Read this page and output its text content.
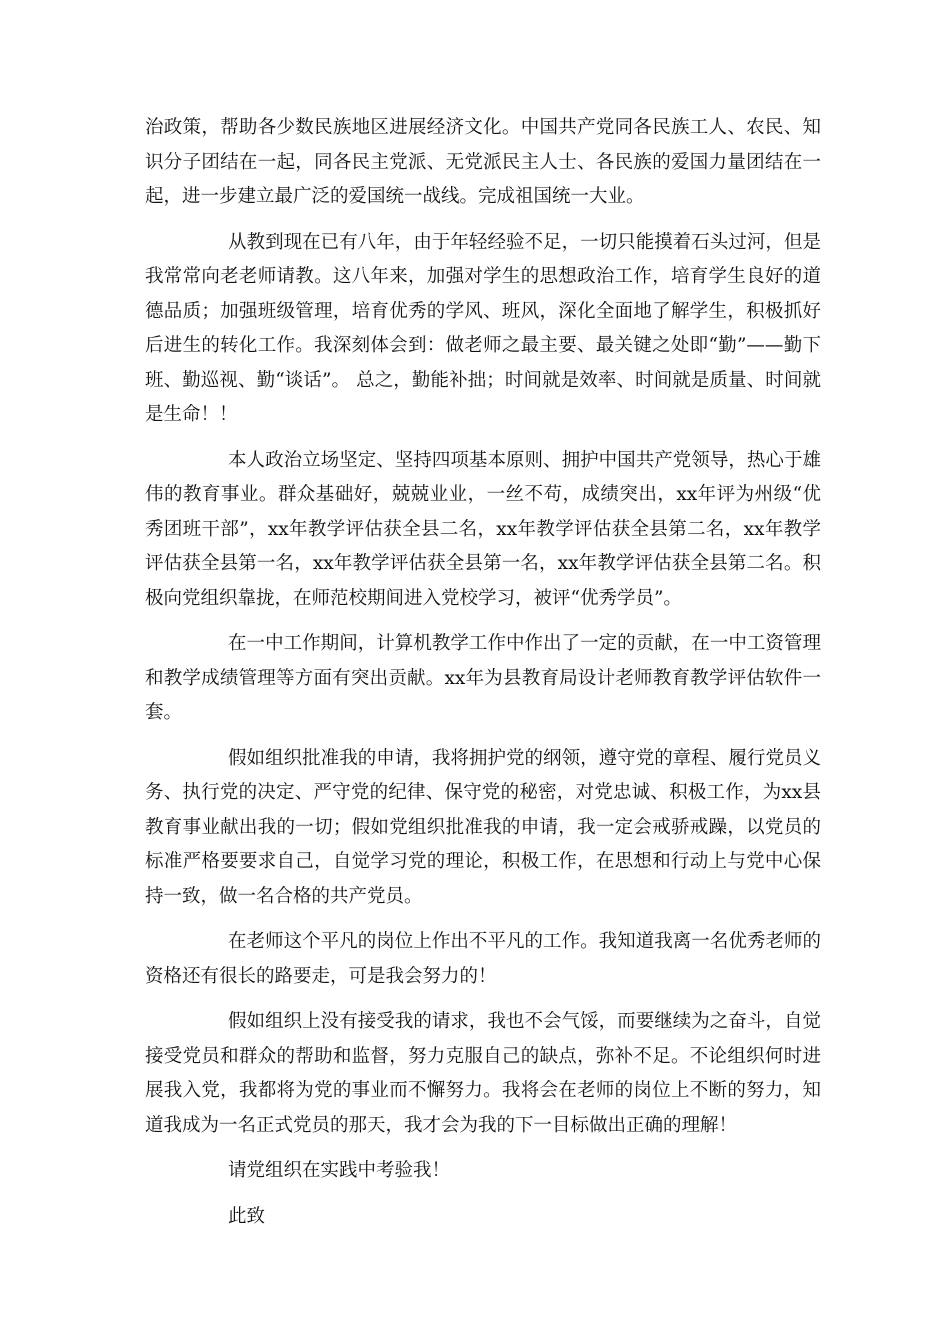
治政策，帮助各少数民族地区进展经济文化。中国共产党同各民族工人、农民、知识分子团结在一起，同各民主党派、无党派民主人士、各民族的爱国力量团结在一起，进一步建立最广泛的爱国统一战线。完成祖国统一大业。

从教到现在已有八年，由于年轻经验不足，一切只能摸着石头过河，但是我常常向老老师请教。这八年来，加强对学生的思想政治工作，培育学生良好的道德品质；加强班级管理，培育优秀的学风、班风，深化全面地了解学生，积极抓好后进生的转化工作。我深刻体会到：做老师之最主要、最关键之处即“勤”——勤下班、勤巡视、勤“谈话”。 总之，勤能补拙；时间就是效率、时间就是质量、时间就是生命！！

本人政治立场坚定、坚持四项基本原则、拥护中国共产党领导，热心于雄伟的教育事业。群众基础好，兢兢业业，一丝不苟，成绩突出，xx年评为州级“优秀团班干部”，xx年教学评估获全县二名，xx年教学评估获全县第二名，xx年教学评估获全县第一名，xx年教学评估获全县第一名，xx年教学评估获全县第二名。积极向党组织靠拢，在师范校期间进入党校学习，被评“优秀学员”。

在一中工作期间，计算机教学工作中作出了一定的贡献，在一中工资管理和教学成绩管理等方面有突出贡献。xx年为县教育局设计老师教育教学评估软件一套。

假如组织批准我的申请，我将拥护党的纲领，遵守党的章程、履行党员义务、执行党的决定、严守党的纪律、保守党的秘密，对党忠诚、积极工作，为xx县教育事业献出我的一切；假如党组织批准我的申请，我一定会戒骄戒躁，以党员的标准严格要要求自己，自觉学习党的理论，积极工作，在思想和行动上与党中心保持一致，做一名合格的共产党员。

在老师这个平凡的岗位上作出不平凡的工作。我知道我离一名优秀老师的资格还有很长的路要走，可是我会努力的！

假如组织上没有接受我的请求，我也不会气馁，而要继续为之奋斗，自觉接受党员和群众的帮助和监督，努力克服自己的缺点，弥补不足。不论组织何时进展我入党，我都将为党的事业而不懈努力。我将会在老师的岗位上不断的努力，知道我成为一名正式党员的那天，我才会为我的下一目标做出正确的理解！

请党组织在实践中考验我！

此致
